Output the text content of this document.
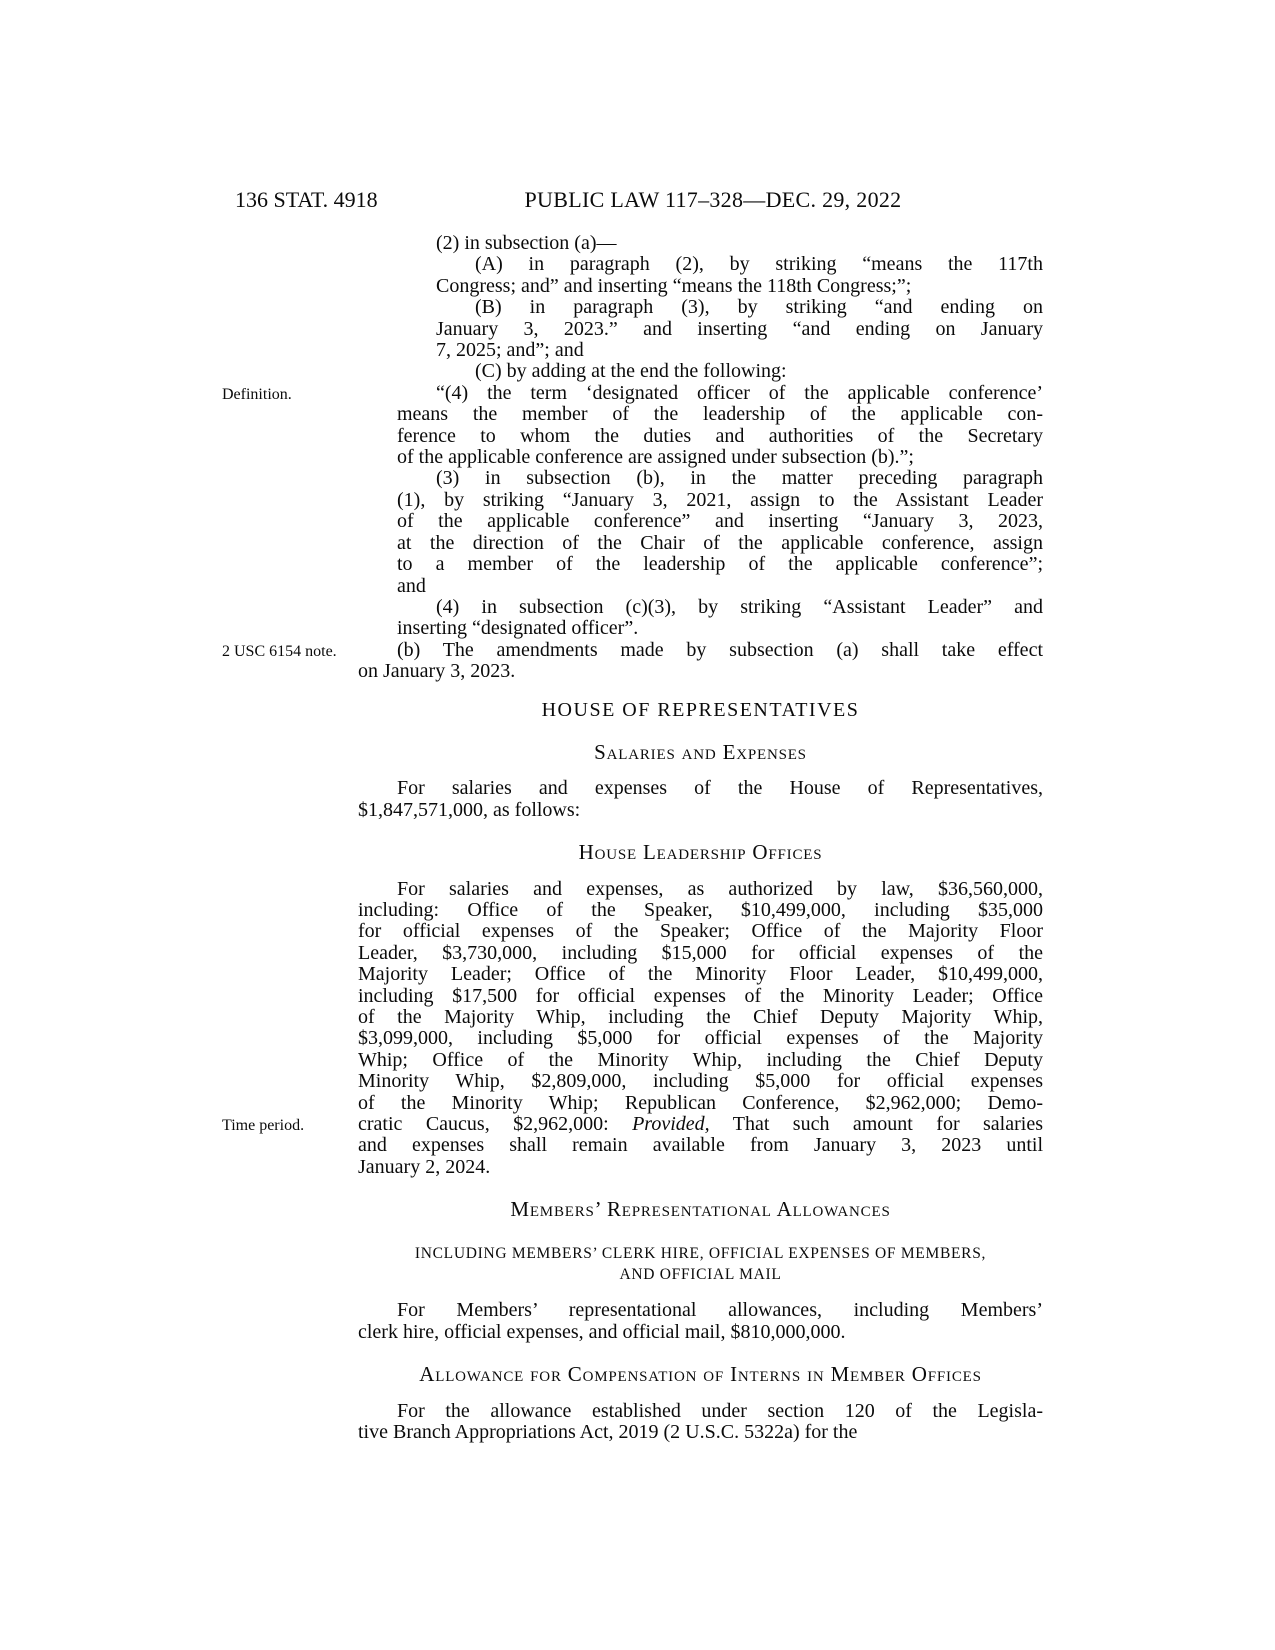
136 STAT. 4918	PUBLIC LAW 117–328—DEC. 29, 2022
Definition.
2 USC 6154 note.
Time period.
(2) in subsection (a)—
(A) in paragraph (2), by striking “means the 117th
Congress; and” and inserting “means the 118th Congress;”;
(B) in paragraph (3), by striking “and ending on
January 3, 2023.” and inserting “and ending on January
7, 2025; and”; and
(C) by adding at the end the following:
“(4) the term ‘designated officer of the applicable conference’
means the member of the leadership of the applicable con-
ference to whom the duties and authorities of the Secretary
of the applicable conference are assigned under subsection (b).”;
(3) in subsection (b), in the matter preceding paragraph
(1), by striking “January 3, 2021, assign to the Assistant Leader
of the applicable conference” and inserting “January 3, 2023,
at the direction of the Chair of the applicable conference, assign
to a member of the leadership of the applicable conference”;
and
(4) in subsection (c)(3), by striking “Assistant Leader” and
inserting “designated officer”.
(b) The amendments made by subsection (a) shall take effect
on January 3, 2023.
HOUSE OF REPRESENTATIVES
Salaries and Expenses
For salaries and expenses of the House of Representatives,
$1,847,571,000, as follows:
House Leadership Offices
For salaries and expenses, as authorized by law, $36,560,000,
including: Office of the Speaker, $10,499,000, including $35,000
for official expenses of the Speaker; Office of the Majority Floor
Leader, $3,730,000, including $15,000 for official expenses of the
Majority Leader; Office of the Minority Floor Leader, $10,499,000,
including $17,500 for official expenses of the Minority Leader; Office
of the Majority Whip, including the Chief Deputy Majority Whip,
$3,099,000, including $5,000 for official expenses of the Majority
Whip; Office of the Minority Whip, including the Chief Deputy
Minority Whip, $2,809,000, including $5,000 for official expenses
of the Minority Whip; Republican Conference, $2,962,000; Demo-
cratic Caucus, $2,962,000: Provided, That such amount for salaries
and expenses shall remain available from January 3, 2023 until
January 2, 2024.
Members’ Representational Allowances
INCLUDING MEMBERS’ CLERK HIRE, OFFICIAL EXPENSES OF MEMBERS,
AND OFFICIAL MAIL
For Members’ representational allowances, including Members’
clerk hire, official expenses, and official mail, $810,000,000.
Allowance for Compensation of Interns in Member Offices
For the allowance established under section 120 of the Legisla-
tive Branch Appropriations Act, 2019 (2 U.S.C. 5322a) for the
